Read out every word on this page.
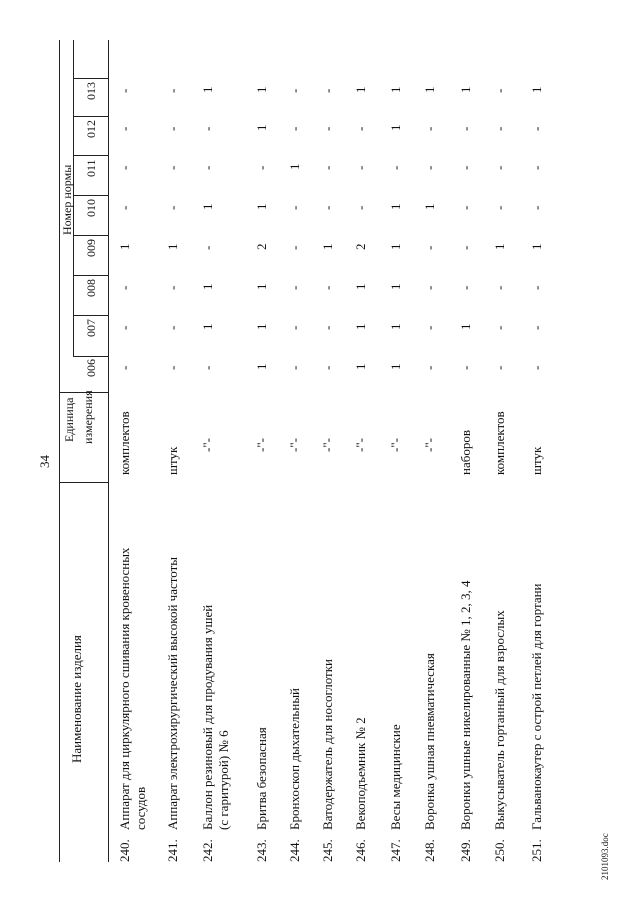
34
Наименование изделия
Единица измерения
Номер нормы
006
007
008
009
010
011
012
013
240.
Аппарат для циркулярного сшивания кровеносных сосудов
комплектов
-
-
-
1
-
-
-
-
241.
Аппарат электрохирургический высокой частоты
штук
-
-
-
1
-
-
-
-
242.
Баллон резиновый для продувания ушей (с гаритурой) № 6
-"-
-
1
1
-
1
-
-
1
243.
Бритва безопасная
-"-
1
1
1
2
1
-
1
1
244.
Бронхоскоп дыхательный
-"-
-
-
-
-
-
1
-
-
245.
Ватодержатель для носоглотки
-"-
-
-
-
1
-
-
-
-
246.
Векоподъемник № 2
-"-
1
1
1
2
-
-
-
1
247.
Весы медицинские
-"-
1
1
1
1
1
-
1
1
248.
Воронка ушная пневматическая
-"-
-
-
-
-
1
-
-
1
249.
Воронки ушные никелированные № 1, 2, 3, 4
наборов
-
1
-
-
-
-
-
1
250.
Выкусыватель гортанный для взрослых
комплектов
-
-
-
1
-
-
-
-
251.
Гальванокаутер с острой петлей для гортани
штук
-
-
-
1
-
-
-
1
2101093.doc
